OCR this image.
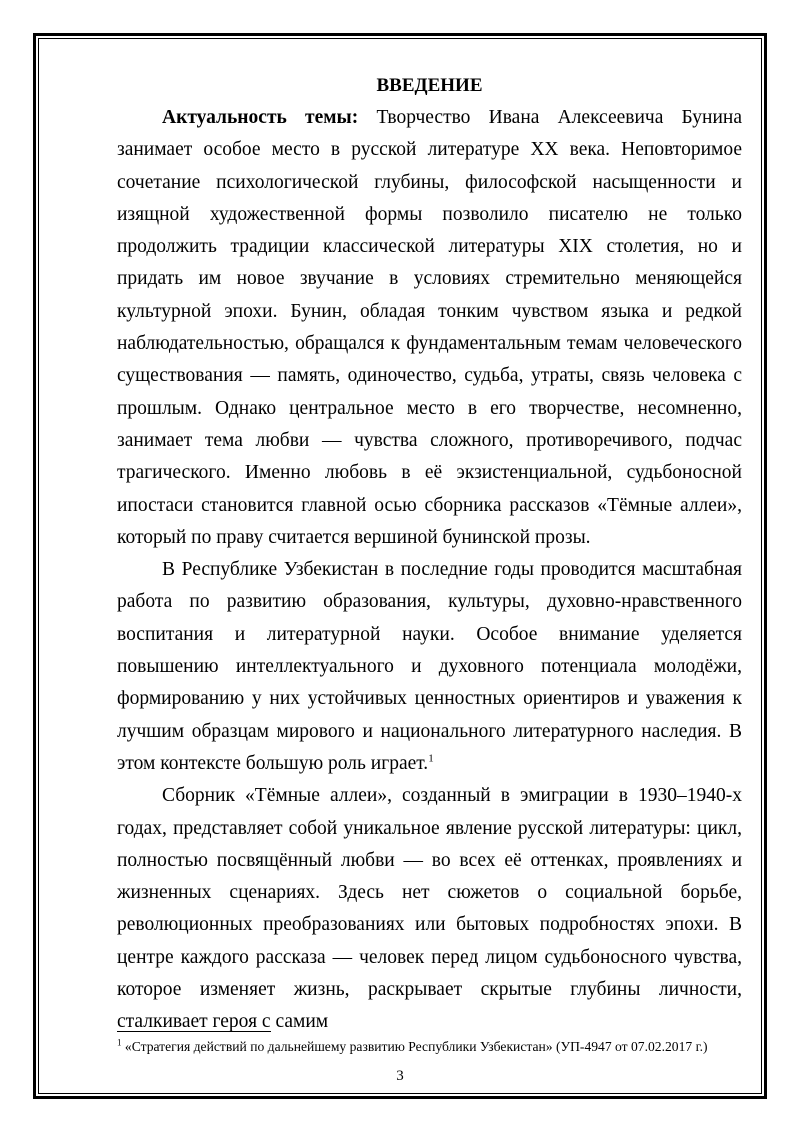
ВВЕДЕНИЕ

Актуальность темы: Творчество Ивана Алексеевича Бунина занимает особое место в русской литературе XX века. Неповторимое сочетание психологической глубины, философской насыщенности и изящной художественной формы позволило писателю не только продолжить традиции классической литературы XIX столетия, но и придать им новое звучание в условиях стремительно меняющейся культурной эпохи. Бунин, обладая тонким чувством языка и редкой наблюдательностью, обращался к фундаментальным темам человеческого существования — память, одиночество, судьба, утраты, связь человека с прошлым. Однако центральное место в его творчестве, несомненно, занимает тема любви — чувства сложного, противоречивого, подчас трагического. Именно любовь в её экзистенциальной, судьбоносной ипостаси становится главной осью сборника рассказов «Тёмные аллеи», который по праву считается вершиной бунинской прозы.

В Республике Узбекистан в последние годы проводится масштабная работа по развитию образования, культуры, духовно-нравственного воспитания и литературной науки. Особое внимание уделяется повышению интеллектуального и духовного потенциала молодёжи, формированию у них устойчивых ценностных ориентиров и уважения к лучшим образцам мирового и национального литературного наследия. В этом контексте большую роль играет.$^1$

Сборник «Тёмные аллеи», созданный в эмиграции в 1930–1940-х годах, представляет собой уникальное явление русской литературы: цикл, полностью посвящённый любви — во всех её оттенках, проявлениях и жизненных сценариях. Здесь нет сюжетов о социальной борьбе, революционных преобразованиях или бытовых подробностях эпохи. В центре каждого рассказа — человек перед лицом судьбоносного чувства, которое изменяет жизнь, раскрывает скрытые глубины личности, сталкивает героя с самим

$^1$ «Стратегия действий по дальнейшему развитию Республики Узбекистан» (УП-4947 от 07.02.2017 г.)
3
